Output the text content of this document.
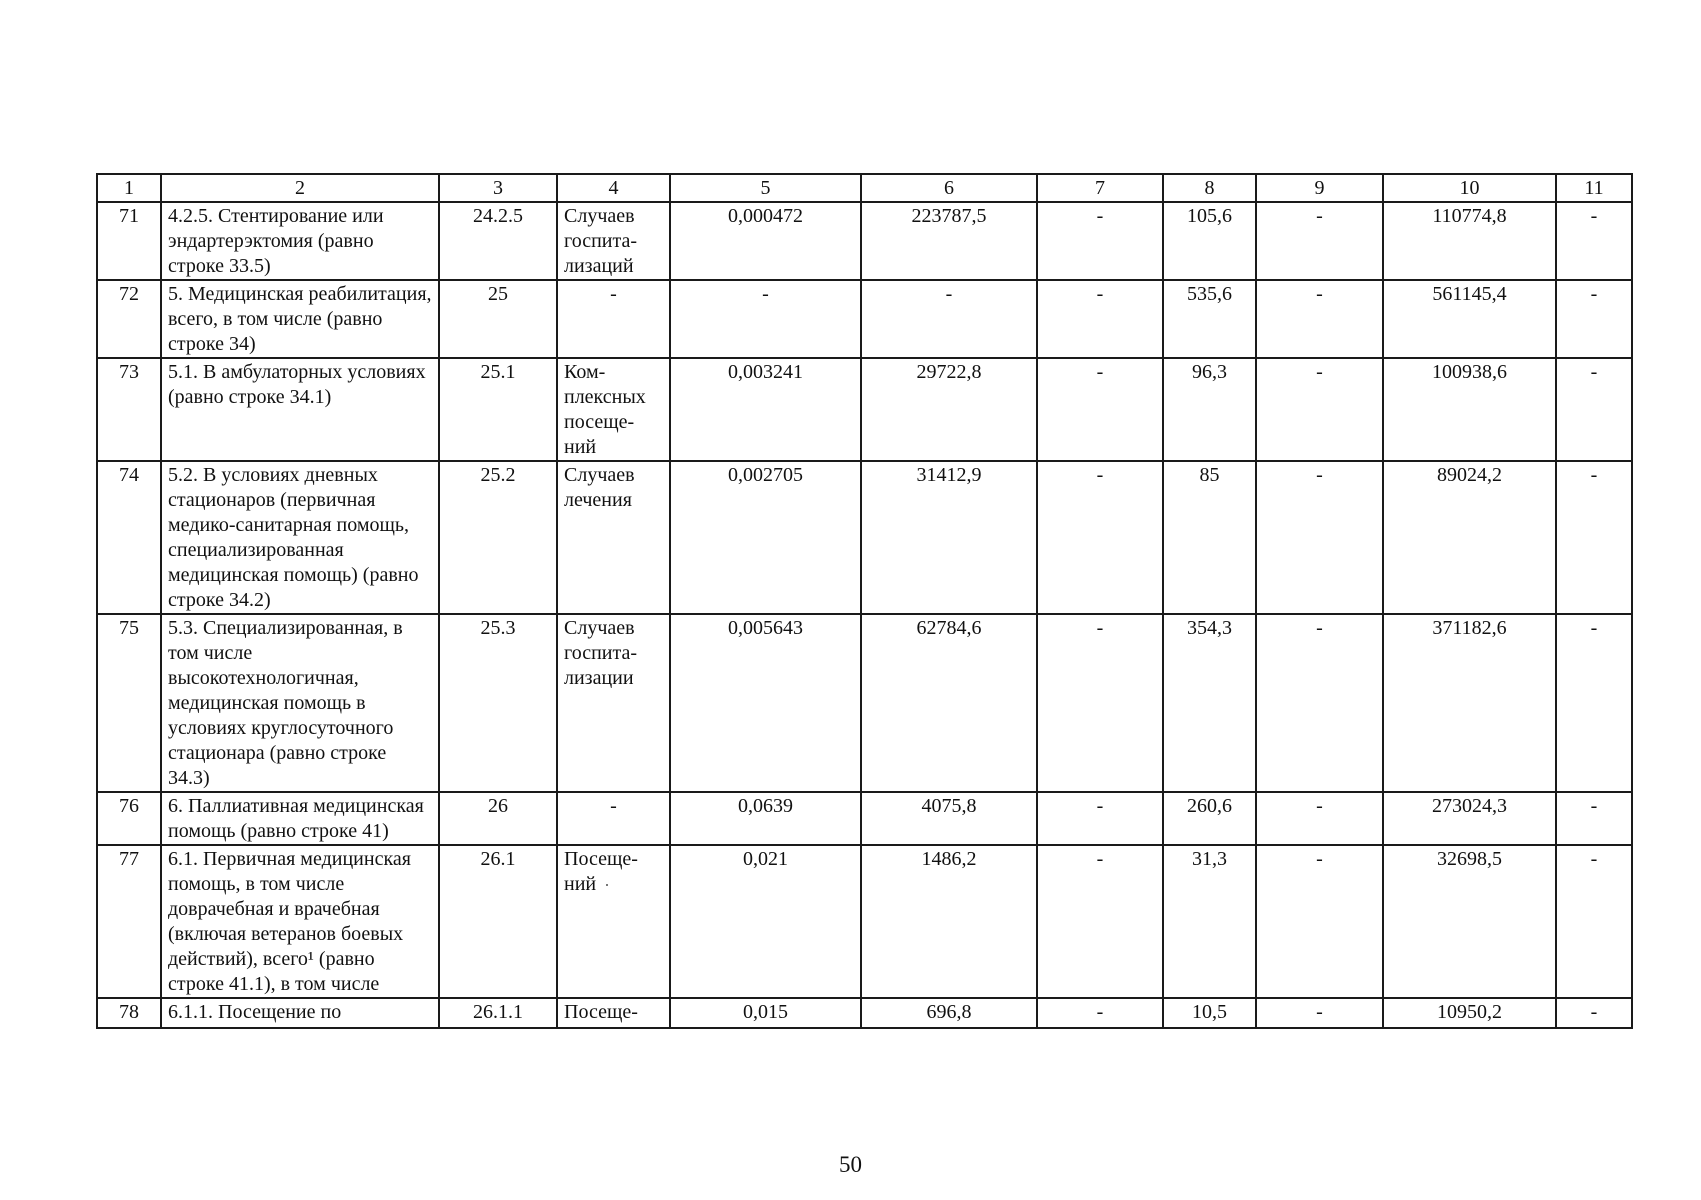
1	2	3	4	5	6	7	8	9	10	11
71	4.2.5. Стентирование или эндартерэктомия (равно строке 33.5)	24.2.5	Случаев госпита-лизаций	0,000472	223787,5	-	105,6	-	110774,8	-
72	5. Медицинская реабилитация, всего, в том числе (равно строке 34)	25	-	-	-	-	535,6	-	561145,4	-
73	5.1. В амбулаторных условиях (равно строке 34.1)	25.1	Ком-плексных посеще-ний	0,003241	29722,8	-	96,3	-	100938,6	-
74	5.2. В условиях дневных стационаров (первичная медико-санитарная помощь, специализированная медицинская помощь) (равно строке 34.2)	25.2	Случаев лечения	0,002705	31412,9	-	85	-	89024,2	-
75	5.3. Специализированная, в том числе высокотехнологичная, медицинская помощь в условиях круглосуточного стационара (равно строке 34.3)	25.3	Случаев госпита-лизации	0,005643	62784,6	-	354,3	-	371182,6	-
76	6. Паллиативная медицинская помощь (равно строке 41)	26	-	0,0639	4075,8	-	260,6	-	273024,3	-
77	6.1. Первичная медицинская помощь, в том числе доврачебная и врачебная (включая ветеранов боевых действий), всего¹ (равно строке 41.1), в том числе	26.1	Посеще-ний	0,021	1486,2	-	31,3	-	32698,5	-

78	6.1.1. Посещение по	26.1.1	Посеще-	0,015	696,8	-	10,5	-	10950,2	-
50
